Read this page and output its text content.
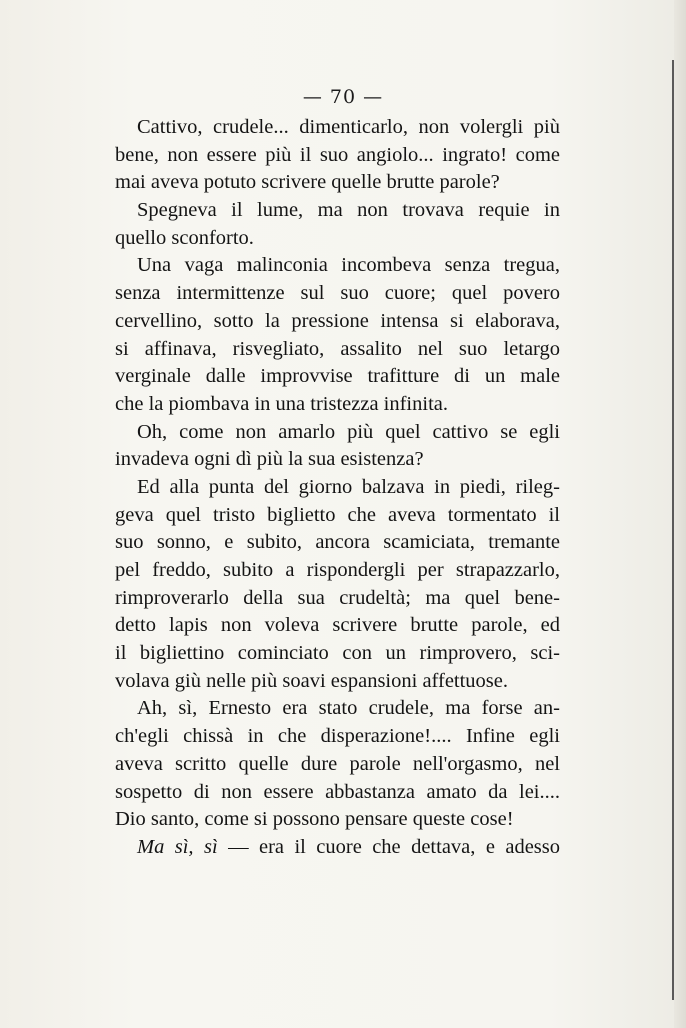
— 70 —
Cattivo, crudele... dimenticarlo, non volergli più
bene, non essere più il suo angiolo... ingrato! come
mai aveva potuto scrivere quelle brutte parole?
Spegneva il lume, ma non trovava requie in
quello sconforto.
Una vaga malinconia incombeva senza tregua,
senza intermittenze sul suo cuore; quel povero
cervellino, sotto la pressione intensa si elaborava,
si affinava, risvegliato, assalito nel suo letargo
verginale dalle improvvise trafitture di un male
che la piombava in una tristezza infinita.
Oh, come non amarlo più quel cattivo se egli
invadeva ogni dì più la sua esistenza?
Ed alla punta del giorno balzava in piedi, rileg-
geva quel tristo biglietto che aveva tormentato il
suo sonno, e subito, ancora scamiciata, tremante
pel freddo, subito a rispondergli per strapazzarlo,
rimproverarlo della sua crudeltà; ma quel bene-
detto lapis non voleva scrivere brutte parole, ed
il bigliettino cominciato con un rimprovero, sci-
volava giù nelle più soavi espansioni affettuose.
Ah, sì, Ernesto era stato crudele, ma forse an-
ch'egli chissà in che disperazione!.... Infine egli
aveva scritto quelle dure parole nell'orgasmo, nel
sospetto di non essere abbastanza amato da lei....
Dio santo, come si possono pensare queste cose!
Ma sì, sì — era il cuore che dettava, e adesso
